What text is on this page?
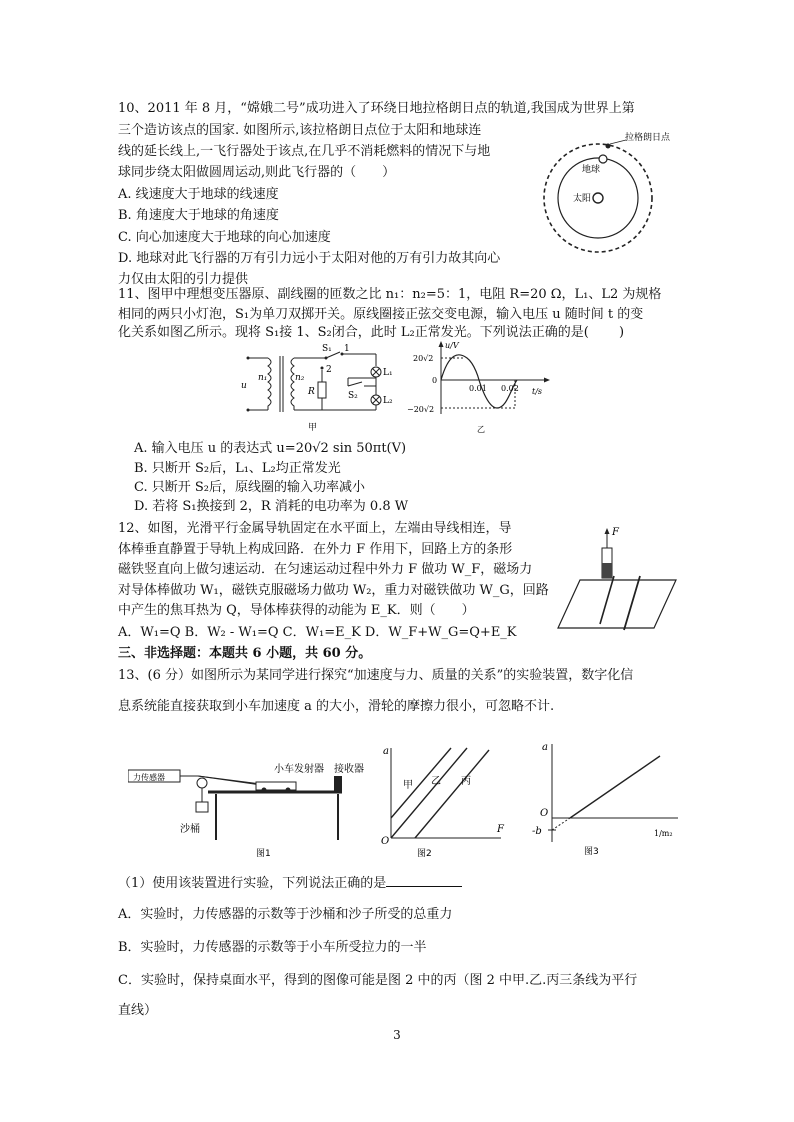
10、2011 年 8 月，“嫦娥二号”成功进入了环绕日地拉格朗日点的轨道,我国成为世界上第
三个造访该点的国家. 如图所示,该拉格朗日点位于太阳和地球连
线的延长线上,一飞行器处于该点,在几乎不消耗燃料的情况下与地
球同步绕太阳做圆周运动,则此飞行器的（　　）
A. 线速度大于地球的线速度
B. 角速度大于地球的角速度
C. 向心加速度大于地球的向心加速度
D. 地球对此飞行器的万有引力远小于太阳对他的万有引力故其向心
力仅由太阳的引力提供
拉格朗日点
地球
太阳
11、图甲中理想变压器原、副线圈的匝数之比 n₁：n₂=5：1，电阻 R=20 Ω，L₁、L2 为规格
相同的两只小灯泡，S₁为单刀双掷开关。原线圈接正弦交变电源，输入电压 u 随时间 t 的变
化关系如图乙所示。现将 S₁接 1、S₂闭合，此时 L₂正常发光。下列说法正确的是(　　 )
u
n₁	n₂
R
2
S₁ 1
L₁
L₂
S₂
甲
u/V
t/s
0
20√2
−20√2
0.01 0.02
乙
A. 输入电压 u 的表达式 u=20√2 sin 50πt(V)
B. 只断开 S₂后，L₁、L₂均正常发光
C. 只断开 S₂后，原线圈的输入功率减小
D. 若将 S₁换接到 2，R 消耗的电功率为 0.8 W
12、如图，光滑平行金属导轨固定在水平面上，左端由导线相连，导
体棒垂直静置于导轨上构成回路．在外力 F 作用下，回路上方的条形
磁铁竖直向上做匀速运动．在匀速运动过程中外力 F 做功 W_F，磁场力
对导体棒做功 W₁，磁铁克服磁场力做功 W₂，重力对磁铁做功 W_G，回路
中产生的焦耳热为 Q，导体棒获得的动能为 E_K．则（　　）
A．W₁=Q B．W₂ - W₁=Q C．W₁=E_K D．W_F+W_G=Q+E_K
F
三、非选择题：本题共 6 小题，共 60 分。
13、(6 分）如图所示为某同学进行探究“加速度与力、质量的关系”的实验装置，数字化信
息系统能直接获取到小车加速度 a 的大小，滑轮的摩擦力很小，可忽略不计.
力传感器
沙桶
小车发射器 接收器
图1
a
F
O
甲 乙 丙
图2
a
O
-b	1/m₂
图3
（1）使用该装置进行实验，下列说法正确的是
A．实验时，力传感器的示数等于沙桶和沙子所受的总重力
B．实验时，力传感器的示数等于小车所受拉力的一半
C．实验时，保持桌面水平，得到的图像可能是图 2 中的丙（图 2 中甲.乙.丙三条线为平行
直线）
3
